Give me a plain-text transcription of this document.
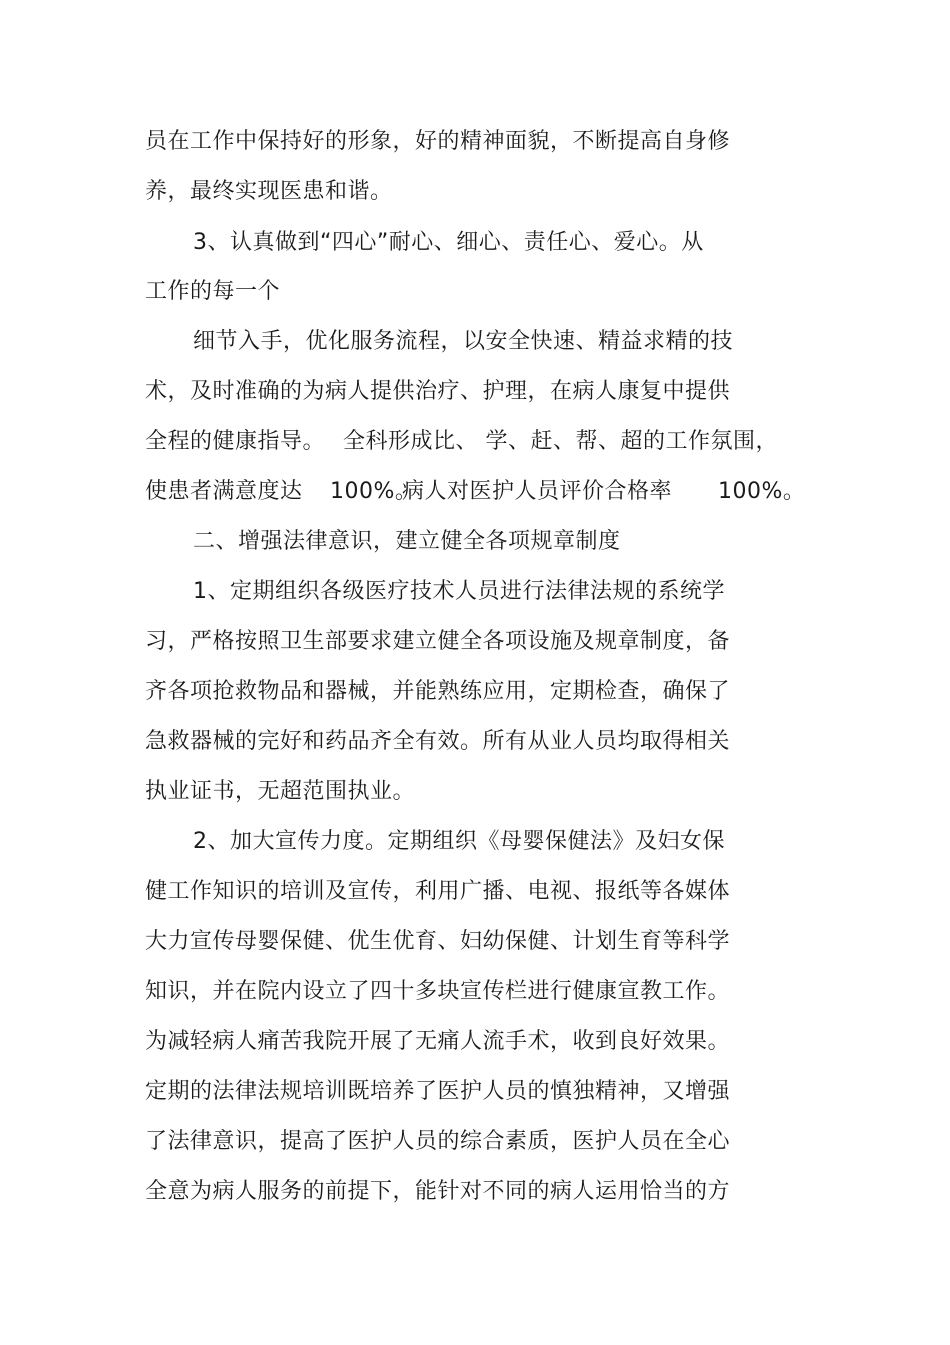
员在工作中保持好的形象，好的精神面貌，不断提高自身修
养，最终实现医患和谐。
3、认真做到“四心”耐心、细心、责任心、爱心。从
工作的每一个
细节入手，优化服务流程，以安全快速、精益求精的技
术，及时准确的为病人提供治疗、护理，在病人康复中提供
全程的健康指导。 全科形成比、 学、赶、帮、超的工作氛围，
使患者满意度达 100%。
病人对医护人员评价合格率 100%。
二、增强法律意识，建立健全各项规章制度
1、定期组织各级医疗技术人员进行法律法规的系统学
习，严格按照卫生部要求建立健全各项设施及规章制度，备
齐各项抢救物品和器械，并能熟练应用，定期检查，确保了
急救器械的完好和药品齐全有效。所有从业人员均取得相关
执业证书，无超范围执业。
2、加大宣传力度。定期组织《母婴保健法》及妇女保
健工作知识的培训及宣传，利用广播、电视、报纸等各媒体
大力宣传母婴保健、优生优育、妇幼保健、计划生育等科学
知识，并在院内设立了四十多块宣传栏进行健康宣教工作。
为减轻病人痛苦我院开展了无痛人流手术，收到良好效果。
定期的法律法规培训既培养了医护人员的慎独精神，又增强
了法律意识，提高了医护人员的综合素质，医护人员在全心
全意为病人服务的前提下，能针对不同的病人运用恰当的方
